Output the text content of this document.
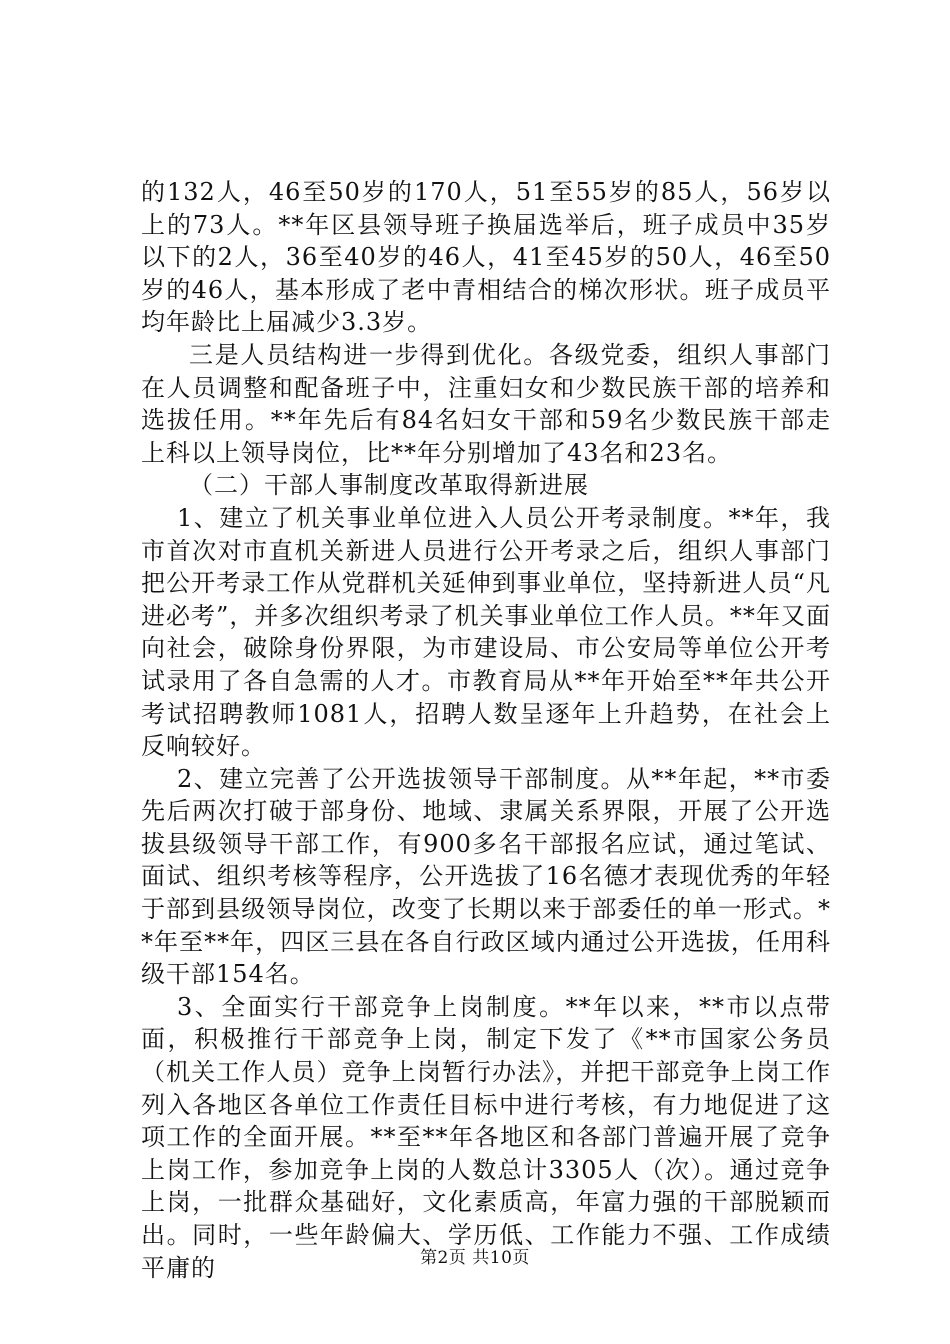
的132人，46至50岁的170人，51至55岁的85人，56岁以上的73人。**年区县领导班子换届选举后，班子成员中35岁以下的2人，36至40岁的46人，41至45岁的50人，46至50岁的46人，基本形成了老中青相结合的梯次形状。班子成员平均年龄比上届减少3.3岁。

三是人员结构进一步得到优化。各级党委，组织人事部门在人员调整和配备班子中，注重妇女和少数民族干部的培养和选拔任用。**年先后有84名妇女干部和59名少数民族干部走上科以上领导岗位，比**年分别增加了43名和23名。

（二）干部人事制度改革取得新进展

1、建立了机关事业单位进入人员公开考录制度。**年，我市首次对市直机关新进人员进行公开考录之后，组织人事部门把公开考录工作从党群机关延伸到事业单位，坚持新进人员“凡进必考”，并多次组织考录了机关事业单位工作人员。**年又面向社会，破除身份界限，为市建设局、市公安局等单位公开考试录用了各自急需的人才。市教育局从**年开始至**年共公开考试招聘教师1081人，招聘人数呈逐年上升趋势，在社会上反响较好。

2、建立完善了公开选拔领导干部制度。从**年起，**市委先后两次打破于部身份、地域、隶属关系界限，开展了公开选拔县级领导干部工作，有900多名干部报名应试，通过笔试、面试、组织考核等程序，公开选拔了16名德才表现优秀的年轻于部到县级领导岗位，改变了长期以来于部委任的单一形式。**年至**年，四区三县在各自行政区域内通过公开选拔，任用科级干部154名。

3、全面实行干部竞争上岗制度。**年以来，**市以点带面，积极推行干部竞争上岗，制定下发了《**市国家公务员（机关工作人员）竞争上岗暂行办法》，并把干部竞争上岗工作列入各地区各单位工作责任目标中进行考核，有力地促进了这项工作的全面开展。**至**年各地区和各部门普遍开展了竞争上岗工作，参加竞争上岗的人数总计3305人（次）。通过竞争上岗，一批群众基础好，文化素质高，年富力强的干部脱颖而出。同时，一些年龄偏大、学历低、工作能力不强、工作成绩平庸的	第2页 共10页
